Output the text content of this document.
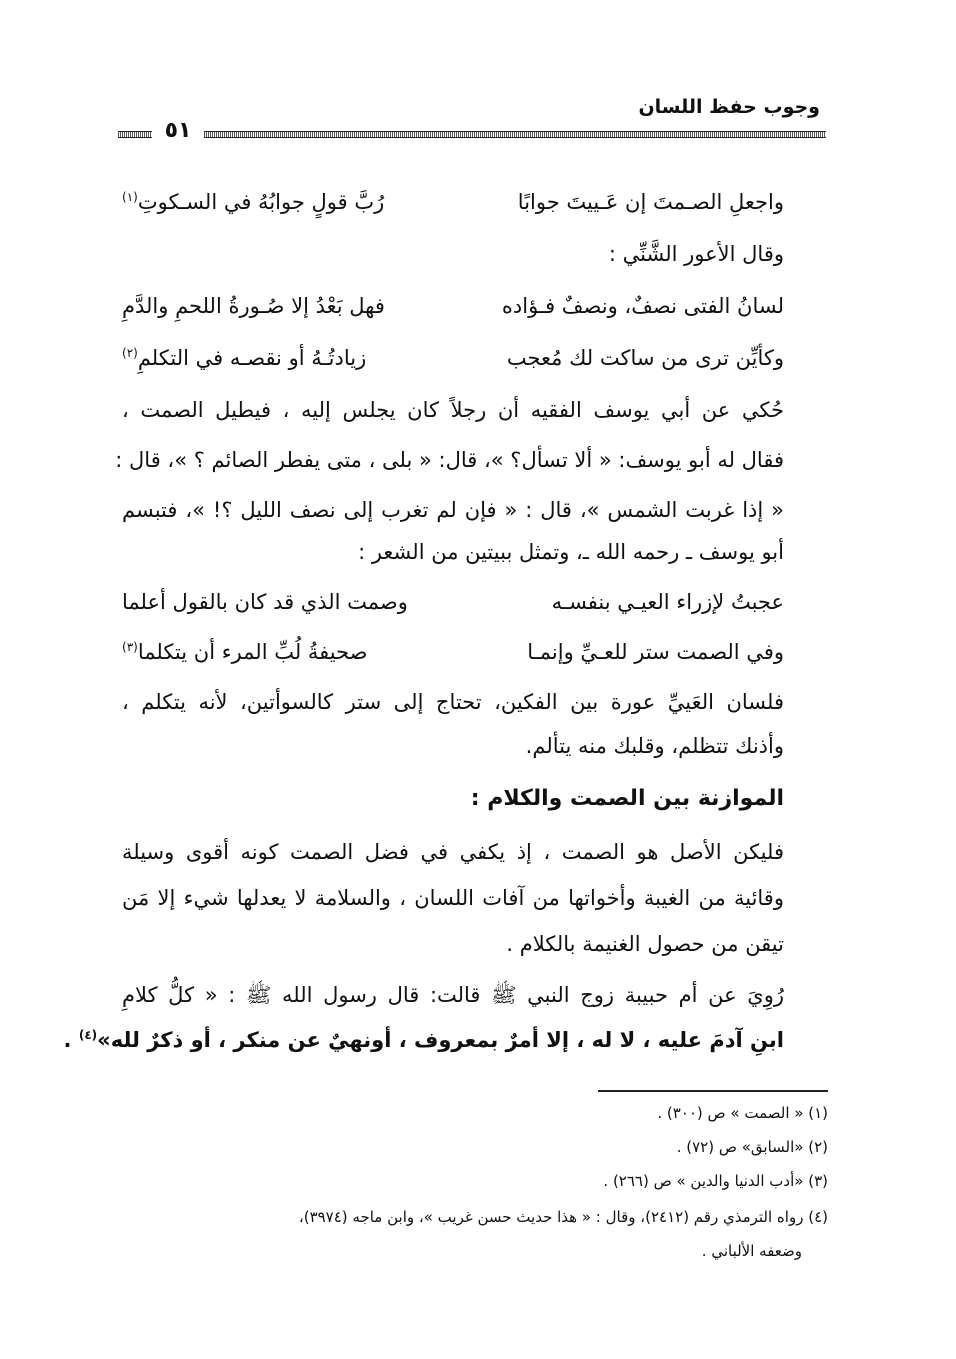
وجوب حفظ اللسان
٥١
واجعلِ الصـمتَ إن عَـييتَ جوابًا
رُبَّ قولٍ جوابُهُ في السـكوتِ$^{(١)}$
وقال الأعور الشَّنِّي :
لسانُ الفتى نصفٌ، ونصفٌ فـؤاده
فهل بَعْدُ إلا صُـورةُ اللحمِ والدَّمِ
وكأيِّن ترى من ساكت لك مُعجب
زيادتُـهُ أو نقصـه في التكلمِ$^{(٢)}$
حُكي عن أبي يوسف الفقيه أن رجلاً كان يجلس إليه ، فيطيل الصمت ،
فقال له أبو يوسف: « ألا تسأل؟ »، قال: « بلى ، متى يفطر الصائم ؟ »، قال :
« إذا غربت الشمس »، قال : « فإن لم تغرب إلى نصف الليل ؟! »، فتبسم
أبو يوسف ـ رحمه الله ـ، وتمثل ببيتين من الشعر :
عجبتُ لإزراء العيـي بنفسـه
وصمت الذي قد كان بالقول أعلما
وفي الصمت ستر للعـيِّ وإنمـا
صحيفةُ لُبِّ المرء أن يتكلما$^{(٣)}$
فلسان العَييِّ عورة بين الفكين، تحتاج إلى ستر كالسوأتين، لأنه يتكلم ،
وأذنك تتظلم، وقلبك منه يتألم.
الموازنة بين الصمت والكلام :
فليكن الأصل هو الصمت ، إذ يكفي في فضل الصمت كونه أقوى وسيلة
وقائية من الغيبة وأخواتها من آفات اللسان ، والسلامة لا يعدلها شيء إلا مَن
تيقن من حصول الغنيمة بالكلام .
رُوِيَ عن أم حبيبة زوج النبي ﷺ قالت: قال رسول الله ﷺ : « كلُّ كلامِ
ابنِ آدمَ عليه ، لا له ، إلا أمرٌ بمعروف ، أونهيٌ عن منكر ، أو ذكرٌ لله»$^{(٤)}$ .
(١) « الصمت » ص (٣٠٠) .
(٢) «السابق» ص (٧٢) .
(٣) «أدب الدنيا والدين » ص (٢٦٦) .
(٤) رواه الترمذي رقم (٢٤١٢)، وقال : « هذا حديث حسن غريب »، وابن ماجه (٣٩٧٤)،
وضعفه الألباني .
